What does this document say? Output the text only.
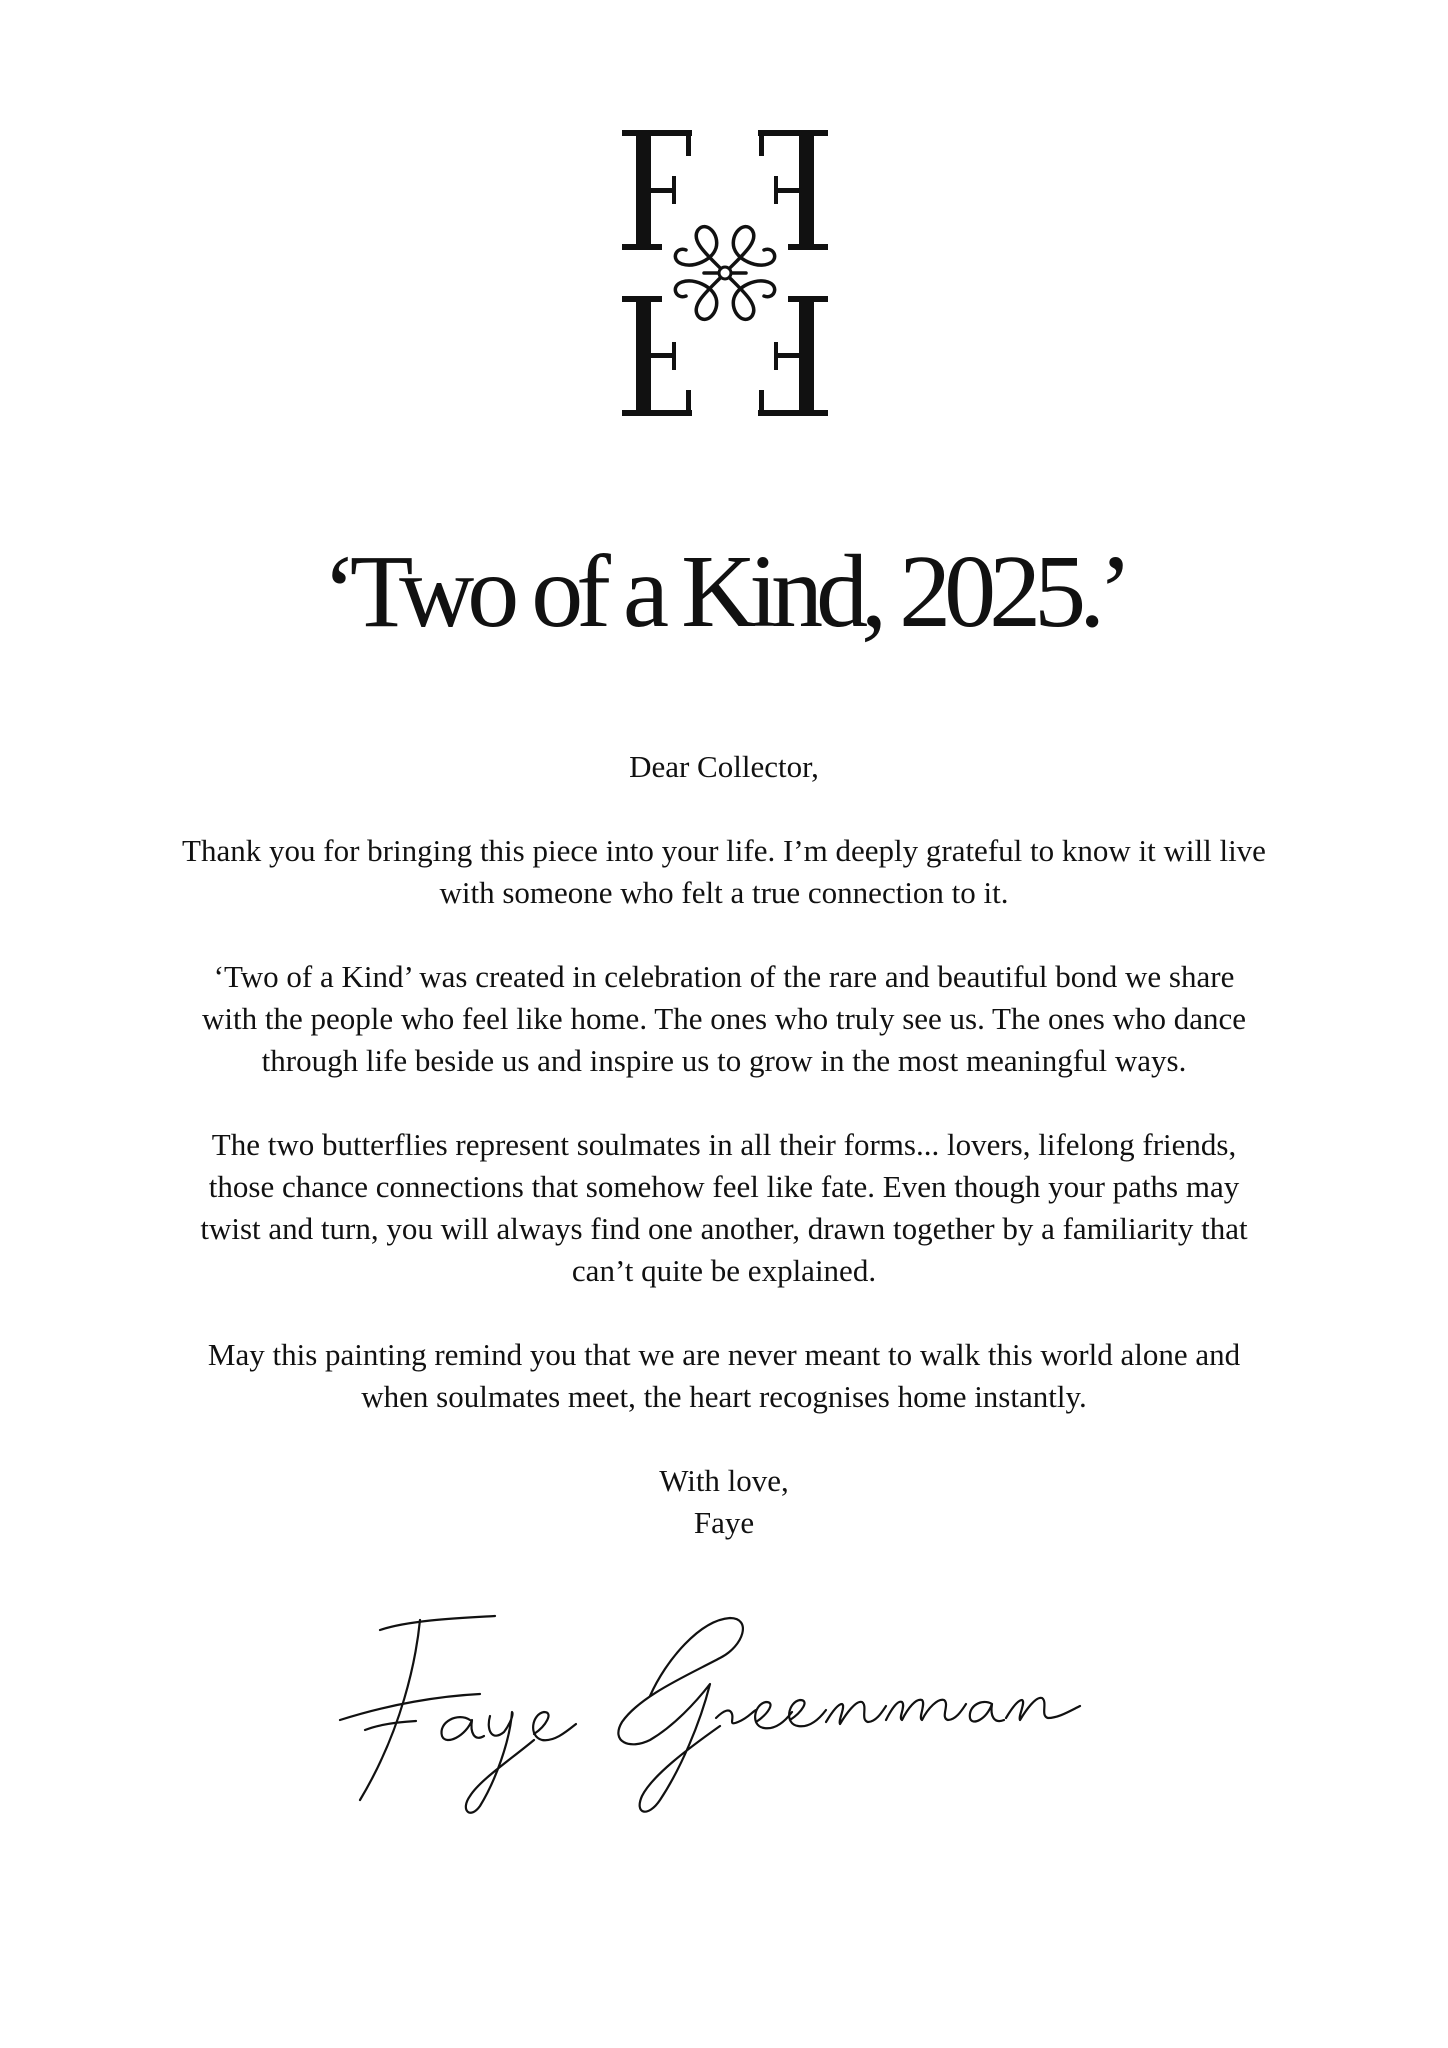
‘Two of a Kind, 2025.’

Dear Collector,

Thank you for bringing this piece into your life. I’m deeply grateful to know it will live
with someone who felt a true connection to it.

‘Two of a Kind’ was created in celebration of the rare and beautiful bond we share
with the people who feel like home. The ones who truly see us. The ones who dance
through life beside us and inspire us to grow in the most meaningful ways.

The two butterflies represent soulmates in all their forms... lovers, lifelong friends,
those chance connections that somehow feel like fate. Even though your paths may
twist and turn, you will always find one another, drawn together by a familiarity that
can’t quite be explained.

May this painting remind you that we are never meant to walk this world alone and
when soulmates meet, the heart recognises home instantly.

With love,
Faye
